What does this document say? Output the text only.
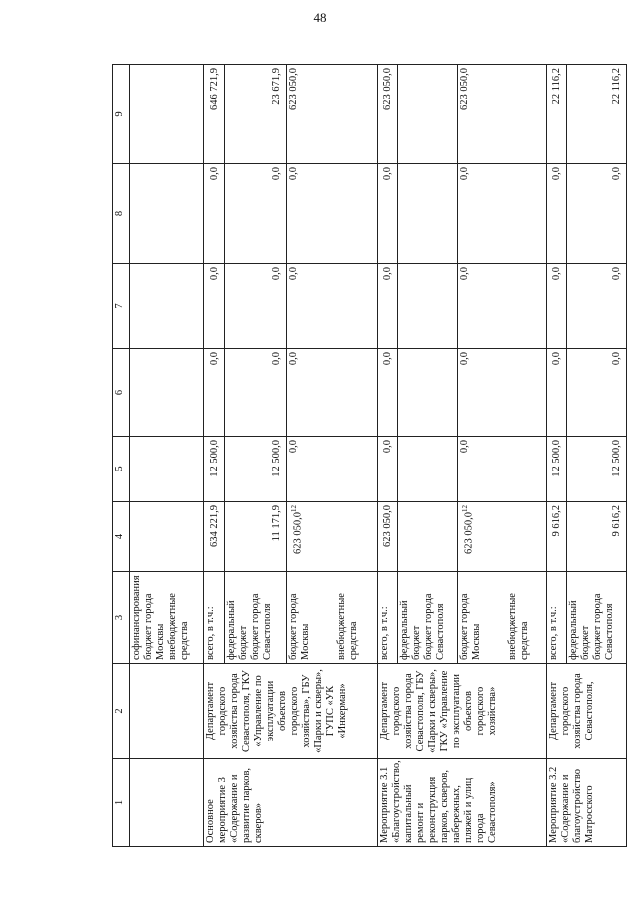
48
1	2	3	4	5	6	7	8	9

		софинансирования бюджет города Москвы внебюджетные средства						

Основное мероприятие 3 «Содержание и развитие парков, скверов»	Департамент городского хозяйства города Севастополя, ГКУ «Управление по эксплуатации объектов городского хозяйства», ГБУ «Парки и скверы», ГУПС «УК «Инкерман»	всего, в т.ч.:	634 221,9	12 500,0	0,0	0,0	0,0	646 721,9
		федеральный бюджет
бюджет города Севастополя	11 171,9	12 500,0	0,0	0,0	0,0	23 671,9
		бюджет города Москвы внебюджетные средства	623 050,0$^{12}$	0,0	0,0	0,0	0,0	623 050,0
Мероприятие 3.1 «Благоустройство, капитальный ремонт и реконструкция парков, скверов, набережных, пляжей и улиц города Севастополя»	Департамент городского хозяйства города Севастополя, ГБУ «Парки и скверы», ГКУ «Управление по эксплуатации объектов городского хозяйства»	всего, в т.ч.:	623 050,0	0,0	0,0	0,0	0,0	623 050,0
		федеральный бюджет
бюджет города Севастополя						
		бюджет города Москвы внебюджетные средства	623 050,0$^{12}$	0,0	0,0	0,0	0,0	623 050,0
Мероприятие 3.2 «Содержание и благоустройство Матросского	Департамент городского хозяйства города Севастополя,	всего, в т.ч.:	9 616,2	12 500,0	0,0	0,0	0,0	22 116,2
		федеральный бюджет
бюджет города Севастополя	9 616,2	12 500,0	0,0	0,0	0,0	22 116,2
